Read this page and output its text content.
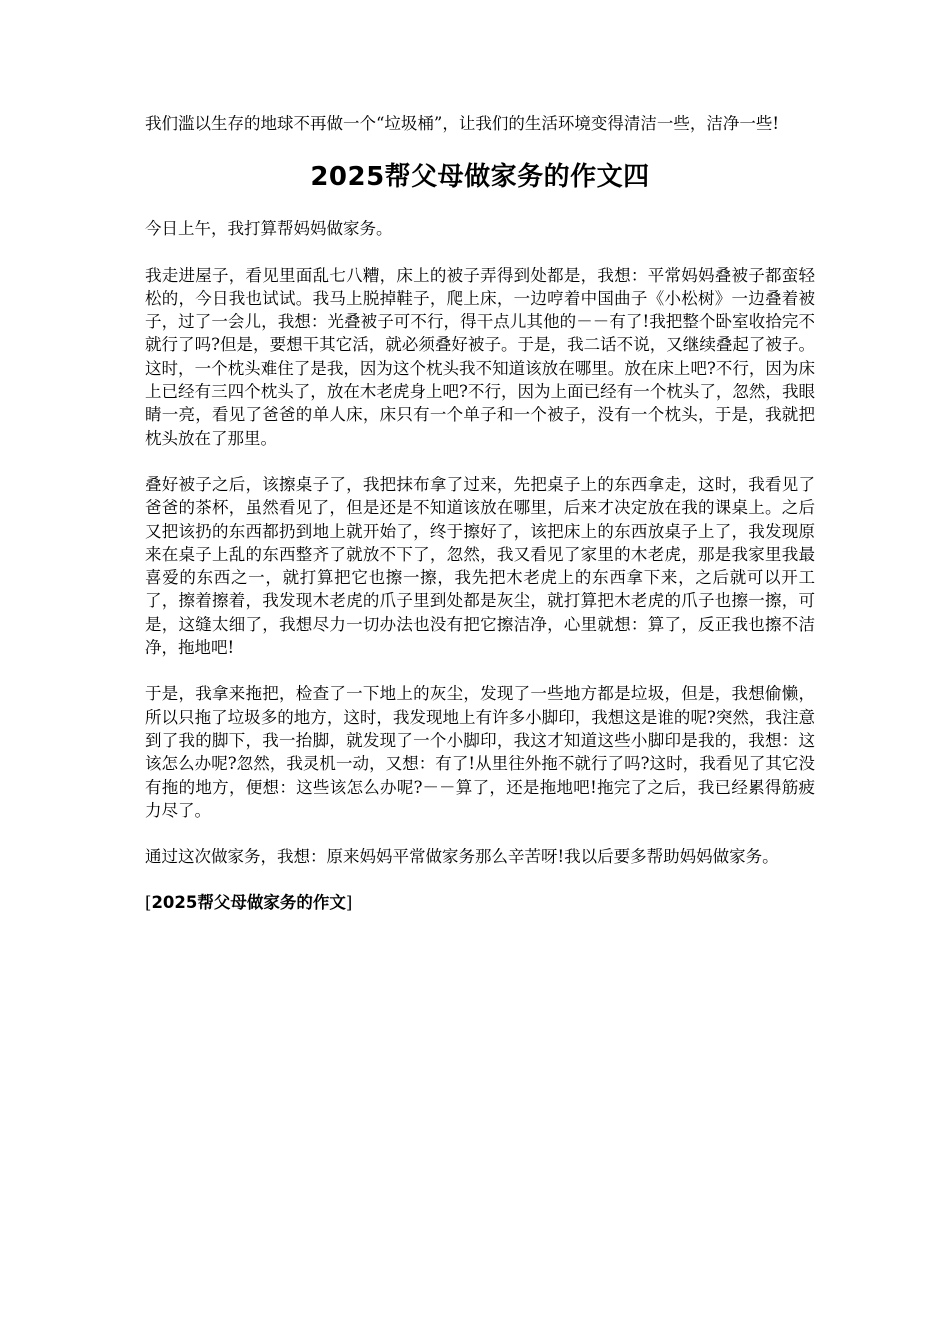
我们滥以生存的地球不再做一个“垃圾桶”，让我们的生活环境变得清洁一些，洁净一些!

2025帮父母做家务的作文四

今日上午，我打算帮妈妈做家务。

我走进屋子，看见里面乱七八糟，床上的被子弄得到处都是，我想：平常妈妈叠被子都蛮轻松的，今日我也试试。我马上脱掉鞋子，爬上床，一边哼着中国曲子《小松树》一边叠着被子，过了一会儿，我想：光叠被子可不行，得干点儿其他的－－有了!我把整个卧室收拾完不就行了吗?但是，要想干其它活，就必须叠好被子。于是，我二话不说，又继续叠起了被子。这时，一个枕头难住了是我，因为这个枕头我不知道该放在哪里。放在床上吧?不行，因为床上已经有三四个枕头了，放在木老虎身上吧?不行，因为上面已经有一个枕头了，忽然，我眼睛一亮，看见了爸爸的单人床，床只有一个单子和一个被子，没有一个枕头，于是，我就把枕头放在了那里。

叠好被子之后，该擦桌子了，我把抹布拿了过来，先把桌子上的东西拿走，这时，我看见了爸爸的茶杯，虽然看见了，但是还是不知道该放在哪里，后来才决定放在我的课桌上。之后又把该扔的东西都扔到地上就开始了，终于擦好了，该把床上的东西放桌子上了，我发现原来在桌子上乱的东西整齐了就放不下了，忽然，我又看见了家里的木老虎，那是我家里我最喜爱的东西之一，就打算把它也擦一擦，我先把木老虎上的东西拿下来，之后就可以开工了，擦着擦着，我发现木老虎的爪子里到处都是灰尘，就打算把木老虎的爪子也擦一擦，可是，这缝太细了，我想尽力一切办法也没有把它擦洁净，心里就想：算了，反正我也擦不洁净，拖地吧!

于是，我拿来拖把，检查了一下地上的灰尘，发现了一些地方都是垃圾，但是，我想偷懒，所以只拖了垃圾多的地方，这时，我发现地上有许多小脚印，我想这是谁的呢?突然，我注意到了我的脚下，我一抬脚，就发现了一个小脚印，我这才知道这些小脚印是我的，我想：这该怎么办呢?忽然，我灵机一动，又想：有了!从里往外拖不就行了吗?这时，我看见了其它没有拖的地方，便想：这些该怎么办呢?－－算了，还是拖地吧!拖完了之后，我已经累得筋疲力尽了。

通过这次做家务，我想：原来妈妈平常做家务那么辛苦呀!我以后要多帮助妈妈做家务。

[2025帮父母做家务的作文]
